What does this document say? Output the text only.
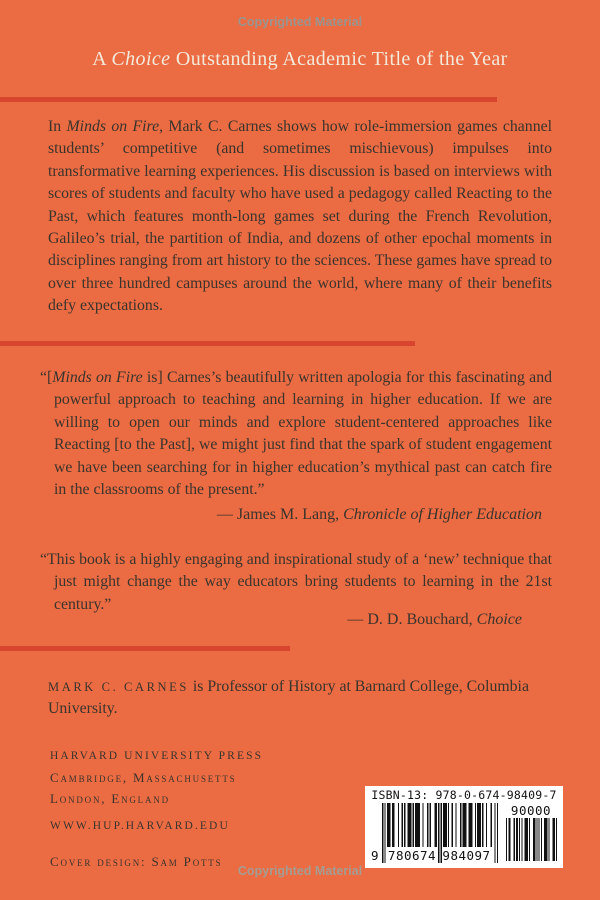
Copyrighted Material
A Choice Outstanding Academic Title of the Year

In Minds on Fire, Mark C. Carnes shows how role-immersion games channel students’ competitive (and sometimes mischievous) impulses into transformative learning experiences. His discussion is based on interviews with scores of students and faculty who have used a pedagogy called Reacting to the Past, which features month-long games set during the French Revolution, Galileo’s trial, the partition of India, and dozens of other epochal moments in disciplines ranging from art history to the sciences. These games have spread to over three hundred campuses around the world, where many of their benefits defy expectations.

“[Minds on Fire is] Carnes’s beautifully written apologia for this fascinating and powerful approach to teaching and learning in higher education. If we are willing to open our minds and explore student-centered approaches like Reacting [to the Past], we might just find that the spark of student engagement we have been searching for in higher education’s mythical past can catch fire in the classrooms of the present.”

— James M. Lang, Chronicle of Higher Education

“This book is a highly engaging and inspirational study of a ‘new’ technique that just might change the way educators bring students to learning in the 21st century.”

— D. D. Bouchard, Choice

MARK C. CARNES is Professor of History at Barnard College, Columbia University.

HARVARD UNIVERSITY PRESS
Cambridge, Massachusetts
London, England
WWW.HUP.HARVARD.EDU
Cover design: Sam Potts
ISBN-13: 978-0-674-98409-7
9 780674 984097
90000
Copyrighted Material
